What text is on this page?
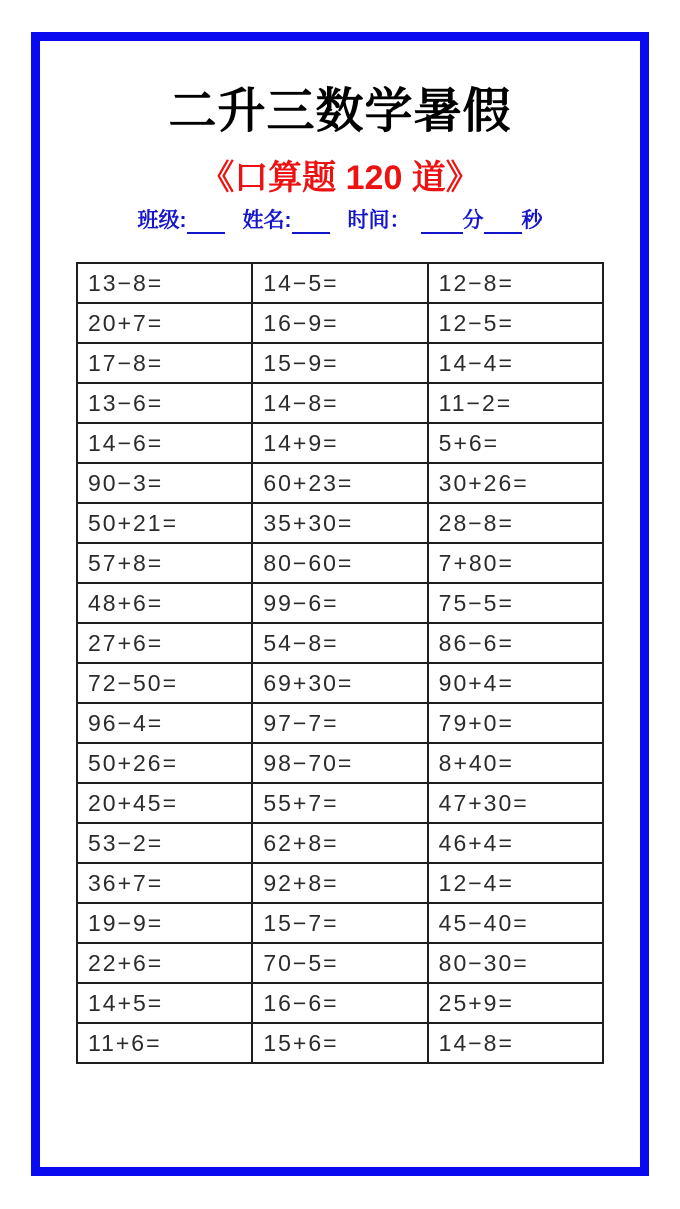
二升三数学暑假
《口算题 120 道》
班级:	姓名:	时间： 分 秒
13−8=	14−5=	12−8=
20+7=	16−9=	12−5=
17−8=	15−9=	14−4=
13−6=	14−8=	11−2=
14−6=	14+9=	5+6=
90−3=	60+23=	30+26=
50+21=	35+30=	28−8=
57+8=	80−60=	7+80=
48+6=	99−6=	75−5=
27+6=	54−8=	86−6=
72−50=	69+30=	90+4=
96−4=	97−7=	79+0=
50+26=	98−70=	8+40=
20+45=	55+7=	47+30=
53−2=	62+8=	46+4=
36+7=	92+8=	12−4=
19−9=	15−7=	45−40=
22+6=	70−5=	80−30=
14+5=	16−6=	25+9=
11+6=	15+6=	14−8=
